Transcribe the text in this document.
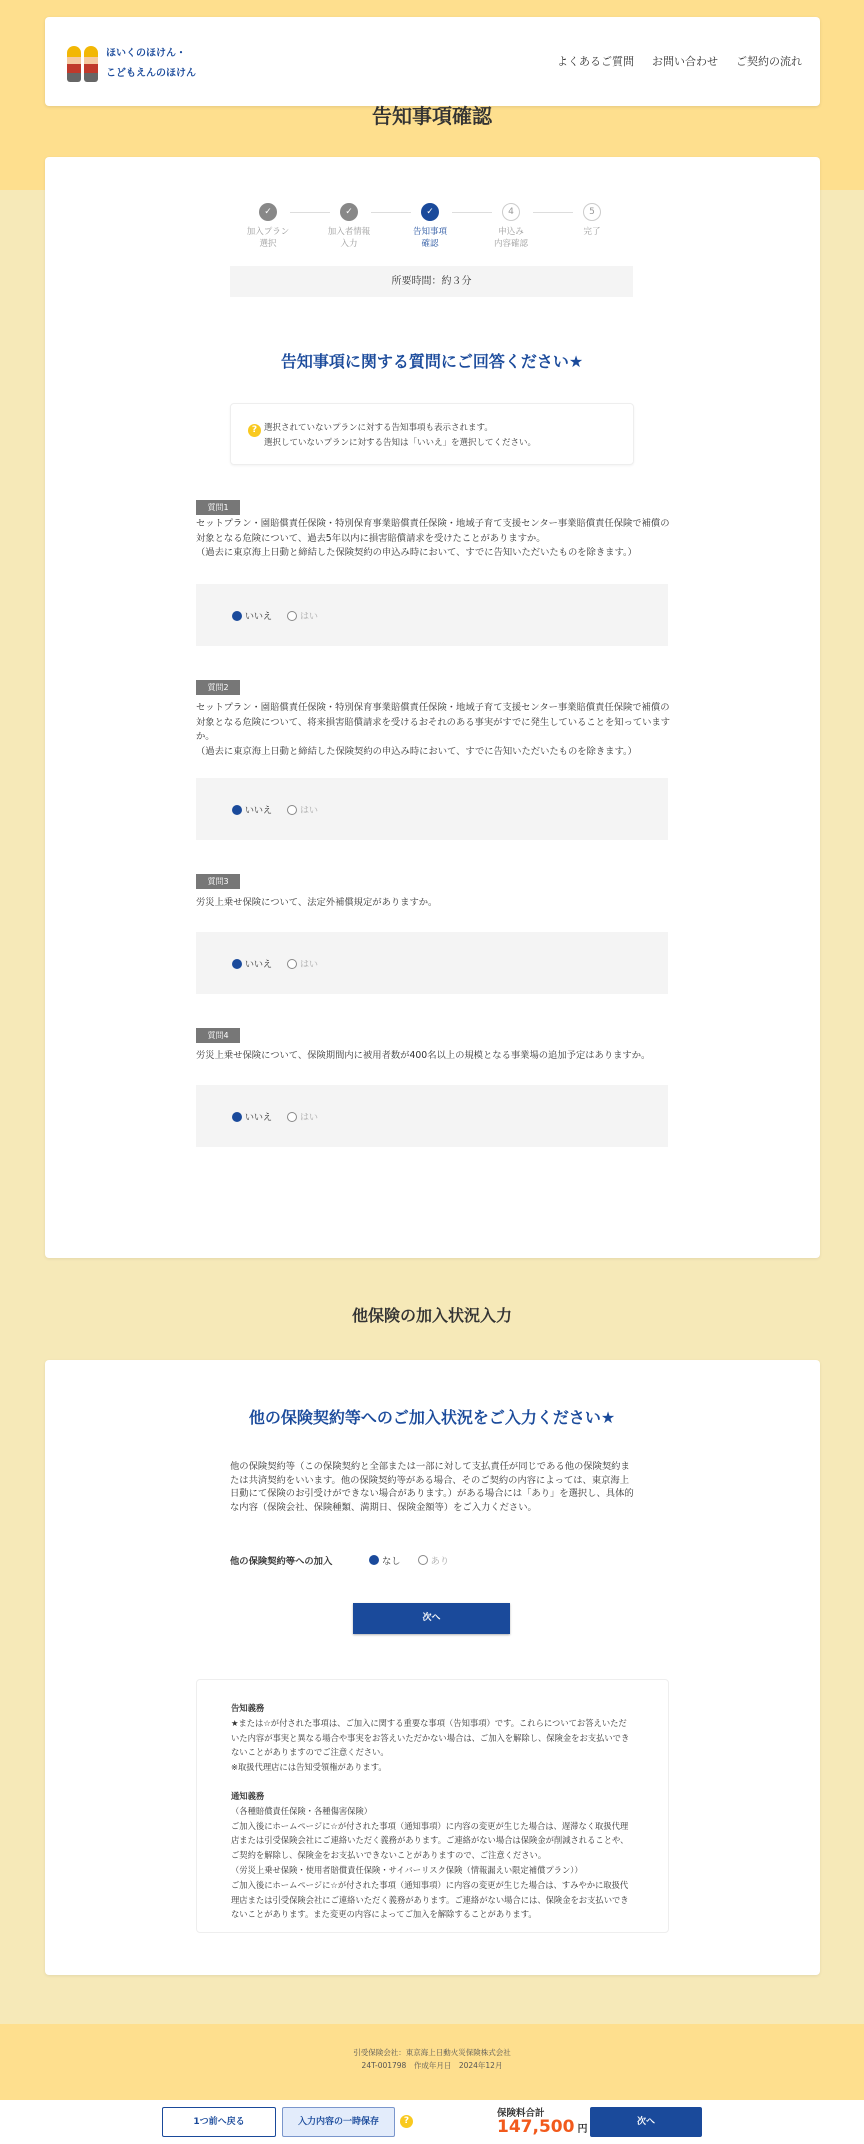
ほいくのほけん・
こどもえんのほけん
よくあるご質問 お問い合わせ ご契約の流れ
告知事項確認
✓
加入プラン
選択
✓
加入者情報
入力
✓
告知事項
確認
4
申込み
内容確認
5
完了
所要時間：約３分
告知事項に関する質問にご回答ください★
? 選択されていないプランに対する告知事項も表示されます。
選択していないプランに対する告知は「いいえ」を選択してください。
質問1
セットプラン・園賠償責任保険・特別保育事業賠償責任保険・地域子育て支援センター事業賠償責任保険で補償の対象となる危険について、過去5年以内に損害賠償請求を受けたことがありますか。
（過去に東京海上日動と締結した保険契約の申込み時において、すでに告知いただいたものを除きます。）
いいえ	はい
質問2
セットプラン・園賠償責任保険・特別保育事業賠償責任保険・地域子育て支援センター事業賠償責任保険で補償の対象となる危険について、将来損害賠償請求を受けるおそれのある事実がすでに発生していることを知っていますか。
（過去に東京海上日動と締結した保険契約の申込み時において、すでに告知いただいたものを除きます。）
いいえ	はい
質問3
労災上乗せ保険について、法定外補償規定がありますか。
いいえ	はい
質問4
労災上乗せ保険について、保険期間内に被用者数が400名以上の規模となる事業場の追加予定はありますか。
いいえ	はい
他保険の加入状況入力
他の保険契約等へのご加入状況をご入力ください★
他の保険契約等（この保険契約と全部または一部に対して支払責任が同じである他の保険契約または共済契約をいいます。他の保険契約等がある場合、そのご契約の内容によっては、東京海上日動にて保険のお引受けができない場合があります。）がある場合には「あり」を選択し、具体的な内容（保険会社、保険種類、満期日、保険金額等）をご入力ください。
他の保険契約等への加入	なし	あり
次へ
告知義務
★または☆が付された事項は、ご加入に関する重要な事項（告知事項）です。これらについてお答えいただいた内容が事実と異なる場合や事実をお答えいただかない場合は、ご加入を解除し、保険金をお支払いできないことがありますのでご注意ください。
※取扱代理店には告知受領権があります。
通知義務
（各種賠償責任保険・各種傷害保険）
ご加入後にホームページに☆が付された事項（通知事項）に内容の変更が生じた場合は、遅滞なく取扱代理店または引受保険会社にご連絡いただく義務があります。ご連絡がない場合は保険金が削減されることや、ご契約を解除し、保険金をお支払いできないことがありますので、ご注意ください。
（労災上乗せ保険・使用者賠償責任保険・サイバーリスク保険（情報漏えい限定補償プラン））
ご加入後にホームページに☆が付された事項（通知事項）に内容の変更が生じた場合は、すみやかに取扱代理店または引受保険会社にご連絡いただく義務があります。ご連絡がない場合には、保険金をお支払いできないことがあります。また変更の内容によってご加入を解除することがあります。
引受保険会社：東京海上日動火災保険株式会社
24T-001798　作成年月日　2024年12月
1つ前へ戻る	入力内容の一時保存	?
保険料合計
147,500 円
次へ
